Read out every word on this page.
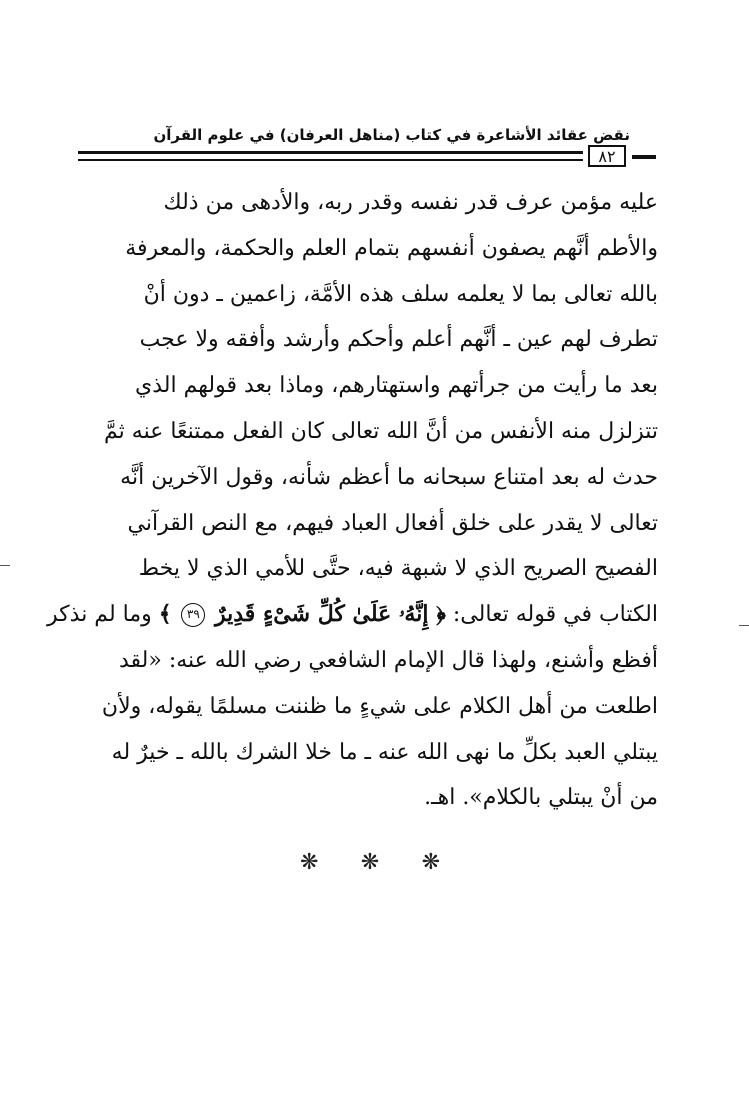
نقض عقائد الأشاعرة في كتاب (مناهل العرفان) في علوم القرآن
٨٢

عليه مؤمن عرف قدر نفسه وقدر ربه، والأدهى من ذلك

والأطم أنَّهم يصفون أنفسهم بتمام العلم والحكمة، والمعرفة

بالله تعالى بما لا يعلمه سلف هذه الأمَّة، زاعمين ـ دون أنْ

تطرف لهم عين ـ أنَّهم أعلم وأحكم وأرشد وأفقه ولا عجب

بعد ما رأيت من جرأتهم واستهتارهم، وماذا بعد قولهم الذي

تتزلزل منه الأنفس من أنَّ الله تعالى كان الفعل ممتنعًا عنه ثمَّ

حدث له بعد امتناع سبحانه ما أعظم شأنه، وقول الآخرين أنَّه

تعالى لا يقدر على خلق أفعال العباد فيهم، مع النص القرآني

الفصيح الصريح الذي لا شبهة فيه، حتَّى للأمي الذي لا يخط

الكتاب في قوله تعالى: ﴿ إِنَّهُۥ عَلَىٰ كُلِّ شَىْءٍ قَدِيرٌ ٣٩ ﴾ وما لم نذكر

أفظع وأشنع، ولهذا قال الإمام الشافعي رضي الله عنه: «لقد

اطلعت من أهل الكلام على شيءٍ ما ظننت مسلمًا يقوله، ولأن

يبتلي العبد بكلِّ ما نهى الله عنه ـ ما خلا الشرك بالله ـ خيرٌ له

من أنْ يبتلي بالكلام». اهـ.

❋ ❋ ❋
